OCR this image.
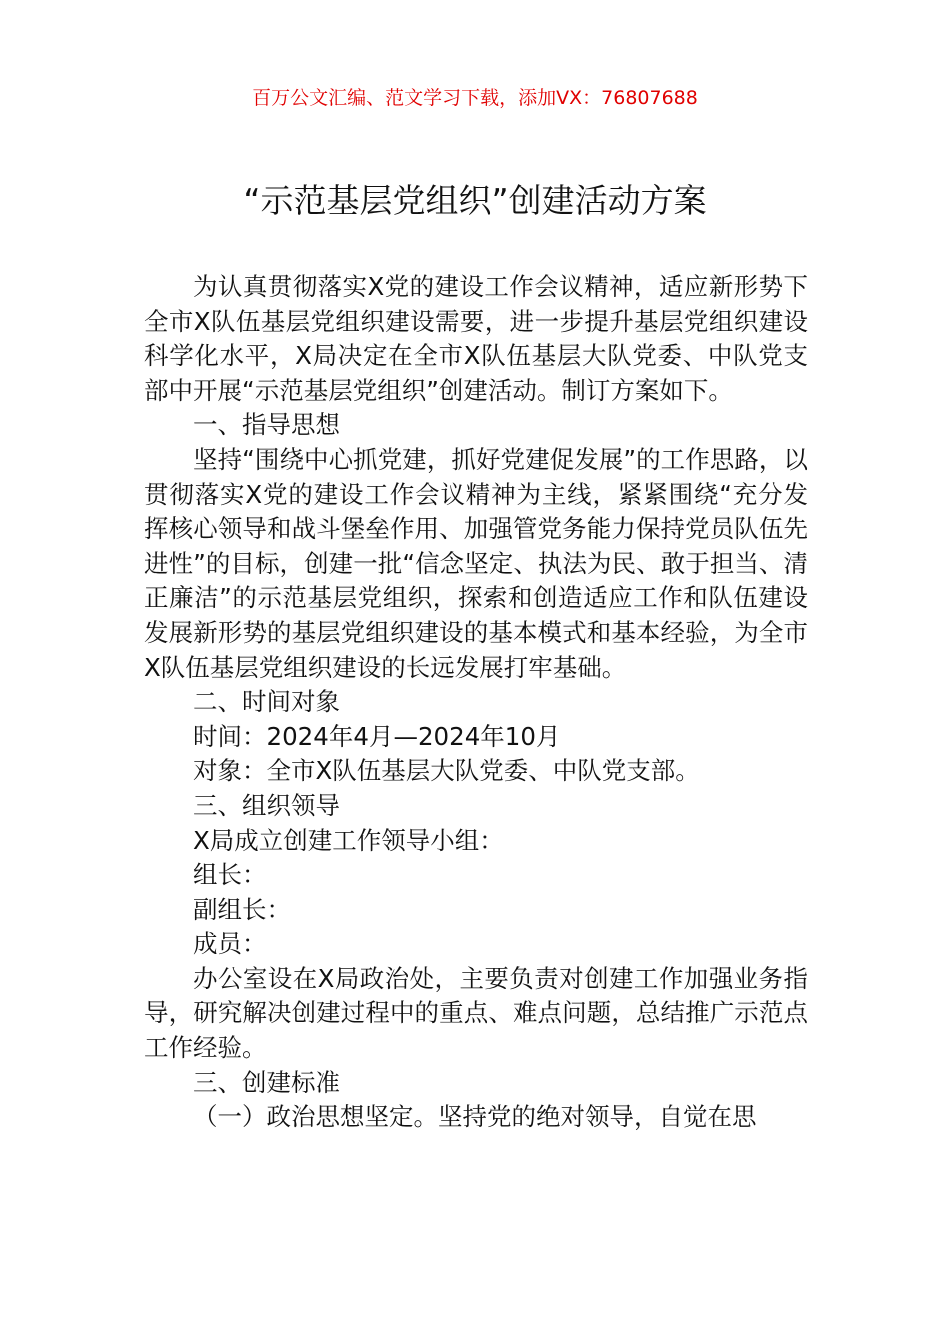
百万公文汇编、范文学习下载，添加VX：76807688
“示范基层党组织”创建活动方案

为认真贯彻落实X党的建设工作会议精神，适应新形势下全市X队伍基层党组织建设需要，进一步提升基层党组织建设科学化水平，X局决定在全市X队伍基层大队党委、中队党支部中开展“示范基层党组织”创建活动。制订方案如下。

一、指导思想

坚持“围绕中心抓党建，抓好党建促发展”的工作思路，以贯彻落实X党的建设工作会议精神为主线，紧紧围绕“充分发挥核心领导和战斗堡垒作用、加强管党务能力保持党员队伍先进性”的目标，创建一批“信念坚定、执法为民、敢于担当、清正廉洁”的示范基层党组织，探索和创造适应工作和队伍建设发展新形势的基层党组织建设的基本模式和基本经验，为全市X队伍基层党组织建设的长远发展打牢基础。

二、时间对象

时间：2024年4月—2024年10月

对象：全市X队伍基层大队党委、中队党支部。

三、组织领导

X局成立创建工作领导小组：

组长：

副组长：

成员：

办公室设在X局政治处，主要负责对创建工作加强业务指导，研究解决创建过程中的重点、难点问题，总结推广示范点工作经验。

三、创建标准

（一）政治思想坚定。坚持党的绝对领导，自觉在思
